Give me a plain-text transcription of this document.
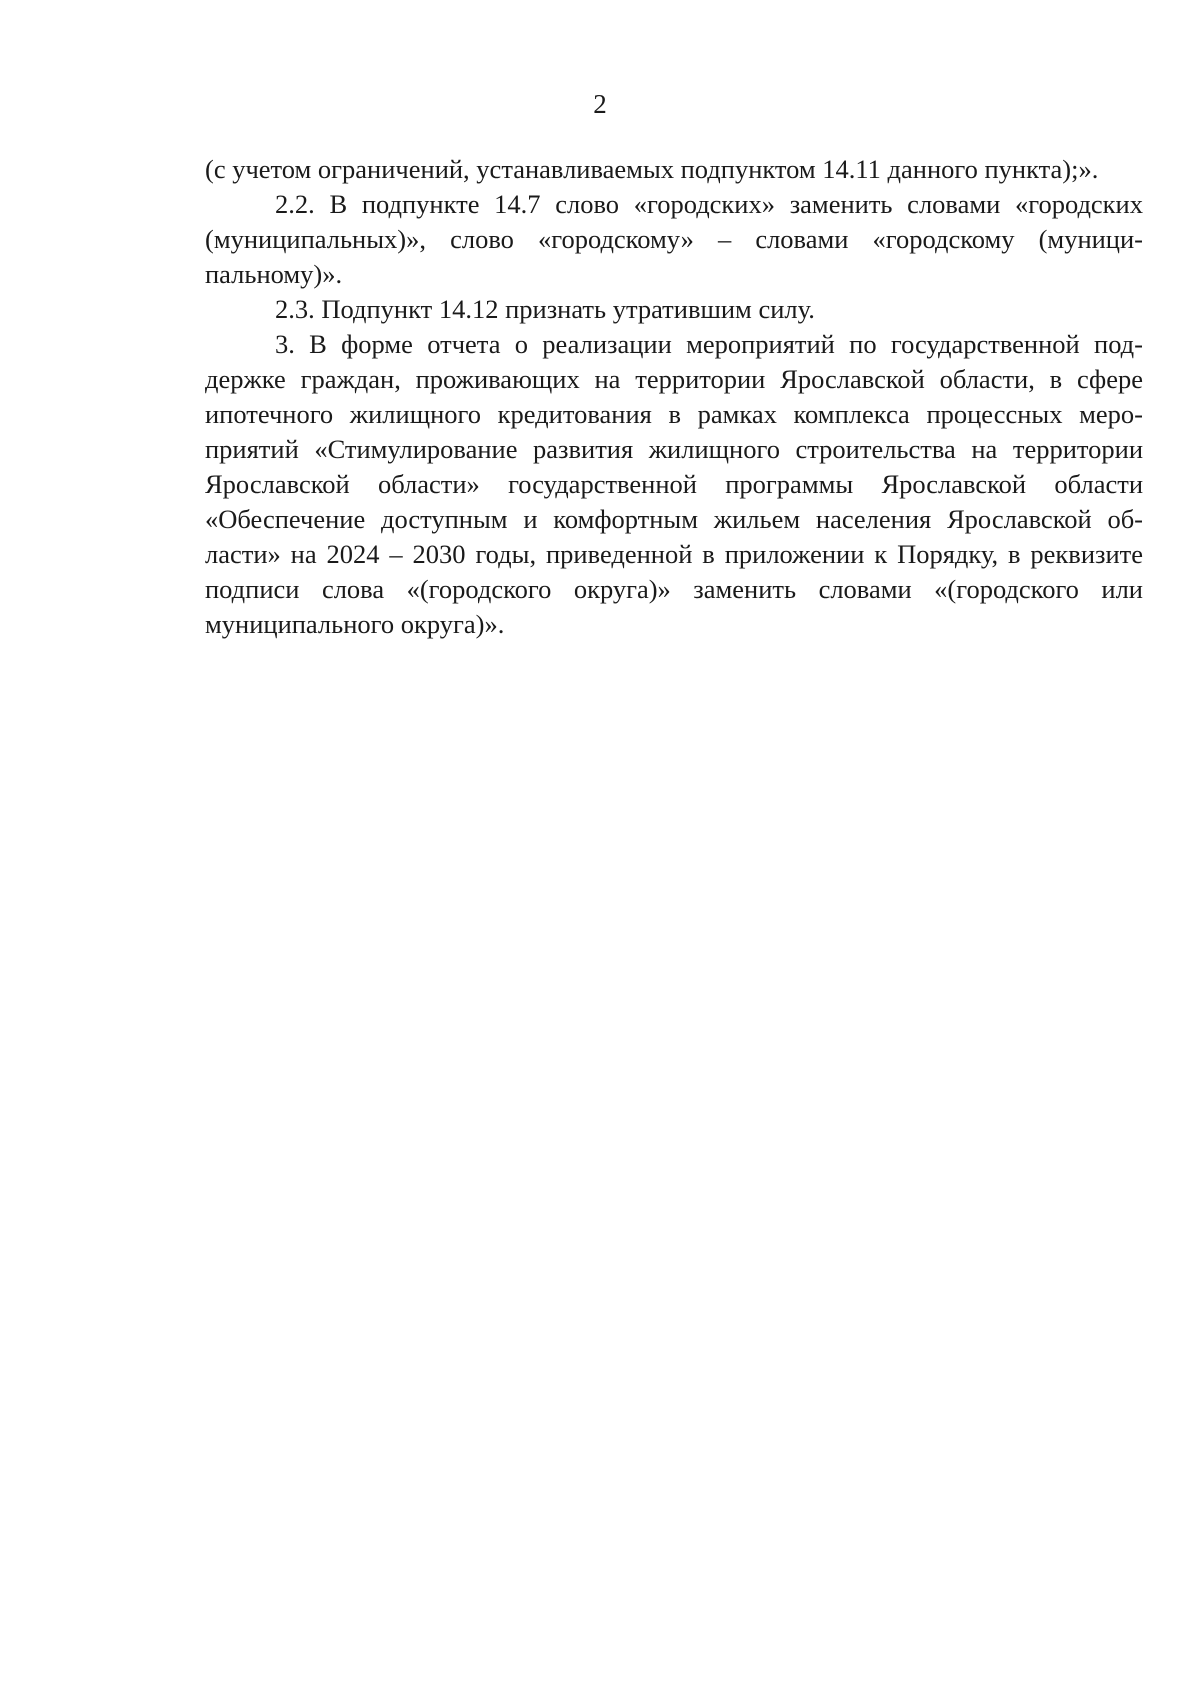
2

(с учетом ограничений, устанавливаемых подпунктом 14.11 данного пункта);».

2.2. В подпункте 14.7 слово «городских» заменить словами «городских (муниципальных)», слово «городскому» – словами «городскому (муниципальному)».

2.3. Подпункт 14.12 признать утратившим силу.

3. В форме отчета о реализации мероприятий по государственной поддержке граждан, проживающих на территории Ярославской области, в сфере ипотечного жилищного кредитования в рамках комплекса процессных мероприятий «Стимулирование развития жилищного строительства на территории Ярославской области» государственной программы Ярославской области «Обеспечение доступным и комфортным жильем населения Ярославской области» на 2024 – 2030 годы, приведенной в приложении к Порядку, в реквизите подписи слова «(городского округа)» заменить словами «(городского или муниципального округа)».
